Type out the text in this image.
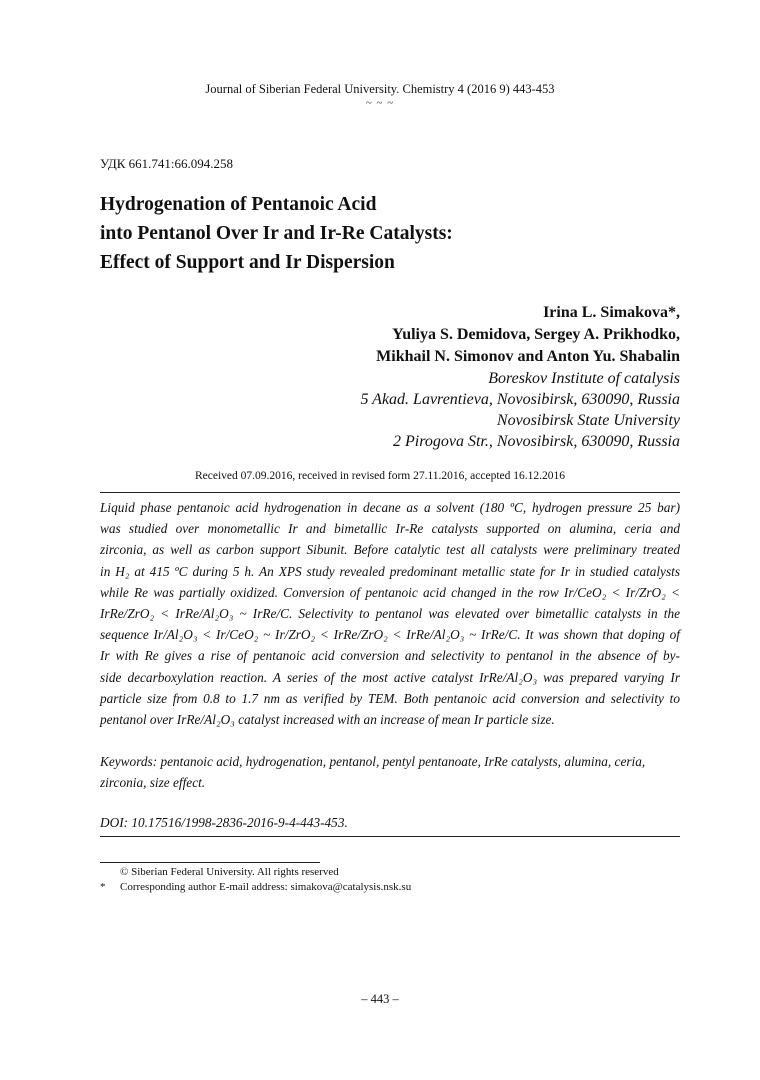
Journal of Siberian Federal University. Chemistry 4 (2016 9) 443-453

~ ~ ~

УДК 661.741:66.094.258

Hydrogenation of Pentanoic Acid
into Pentanol Over Ir and Ir-Re Catalysts:
Effect of Support and Ir Dispersion
Irina L. Simakova*,
Yuliya S. Demidova, Sergey A. Prikhodko,
Mikhail N. Simonov and Anton Yu. Shabalin
Boreskov Institute of catalysis
5 Akad. Lavrentieva, Novosibirsk, 630090, Russia
Novosibirsk State University
2 Pirogova Str., Novosibirsk, 630090, Russia

Received 07.09.2016, received in revised form 27.11.2016, accepted 16.12.2016

Liquid phase pentanoic acid hydrogenation in decane as a solvent (180 ºC, hydrogen pressure 25 bar)
was studied over monometallic Ir and bimetallic Ir-Re catalysts supported on alumina, ceria and
zirconia, as well as carbon support Sibunit. Before catalytic test all catalysts were preliminary treated
in H₂ at 415 ºC during 5 h. An XPS study revealed predominant metallic state for Ir in studied catalysts
while Re was partially oxidized. Conversion of pentanoic acid changed in the row Ir/CeO₂ < Ir/ZrO₂ <
IrRe/ZrO₂ < IrRe/Al₂O₃ ~ IrRe/C. Selectivity to pentanol was elevated over bimetallic catalysts in the
sequence Ir/Al₂O₃ < Ir/CeO₂ ~ Ir/ZrO₂ < IrRe/ZrO₂ < IrRe/Al₂O₃ ~ IrRe/C. It was shown that doping of
Ir with Re gives a rise of pentanoic acid conversion and selectivity to pentanol in the absence of by-
side decarboxylation reaction. A series of the most active catalyst IrRe/Al₂O₃ was prepared varying Ir
particle size from 0.8 to 1.7 nm as verified by TEM. Both pentanoic acid conversion and selectivity to
pentanol over IrRe/Al₂O₃ catalyst increased with an increase of mean Ir particle size.
Keywords: pentanoic acid, hydrogenation, pentanol, pentyl pentanoate, IrRe catalysts, alumina, ceria,
zirconia, size effect.

DOI: 10.17516/1998-2836-2016-9-4-443-453.

© Siberian Federal University. All rights reserved

* Corresponding author E-mail address: simakova@catalysis.nsk.su

– 443 –
